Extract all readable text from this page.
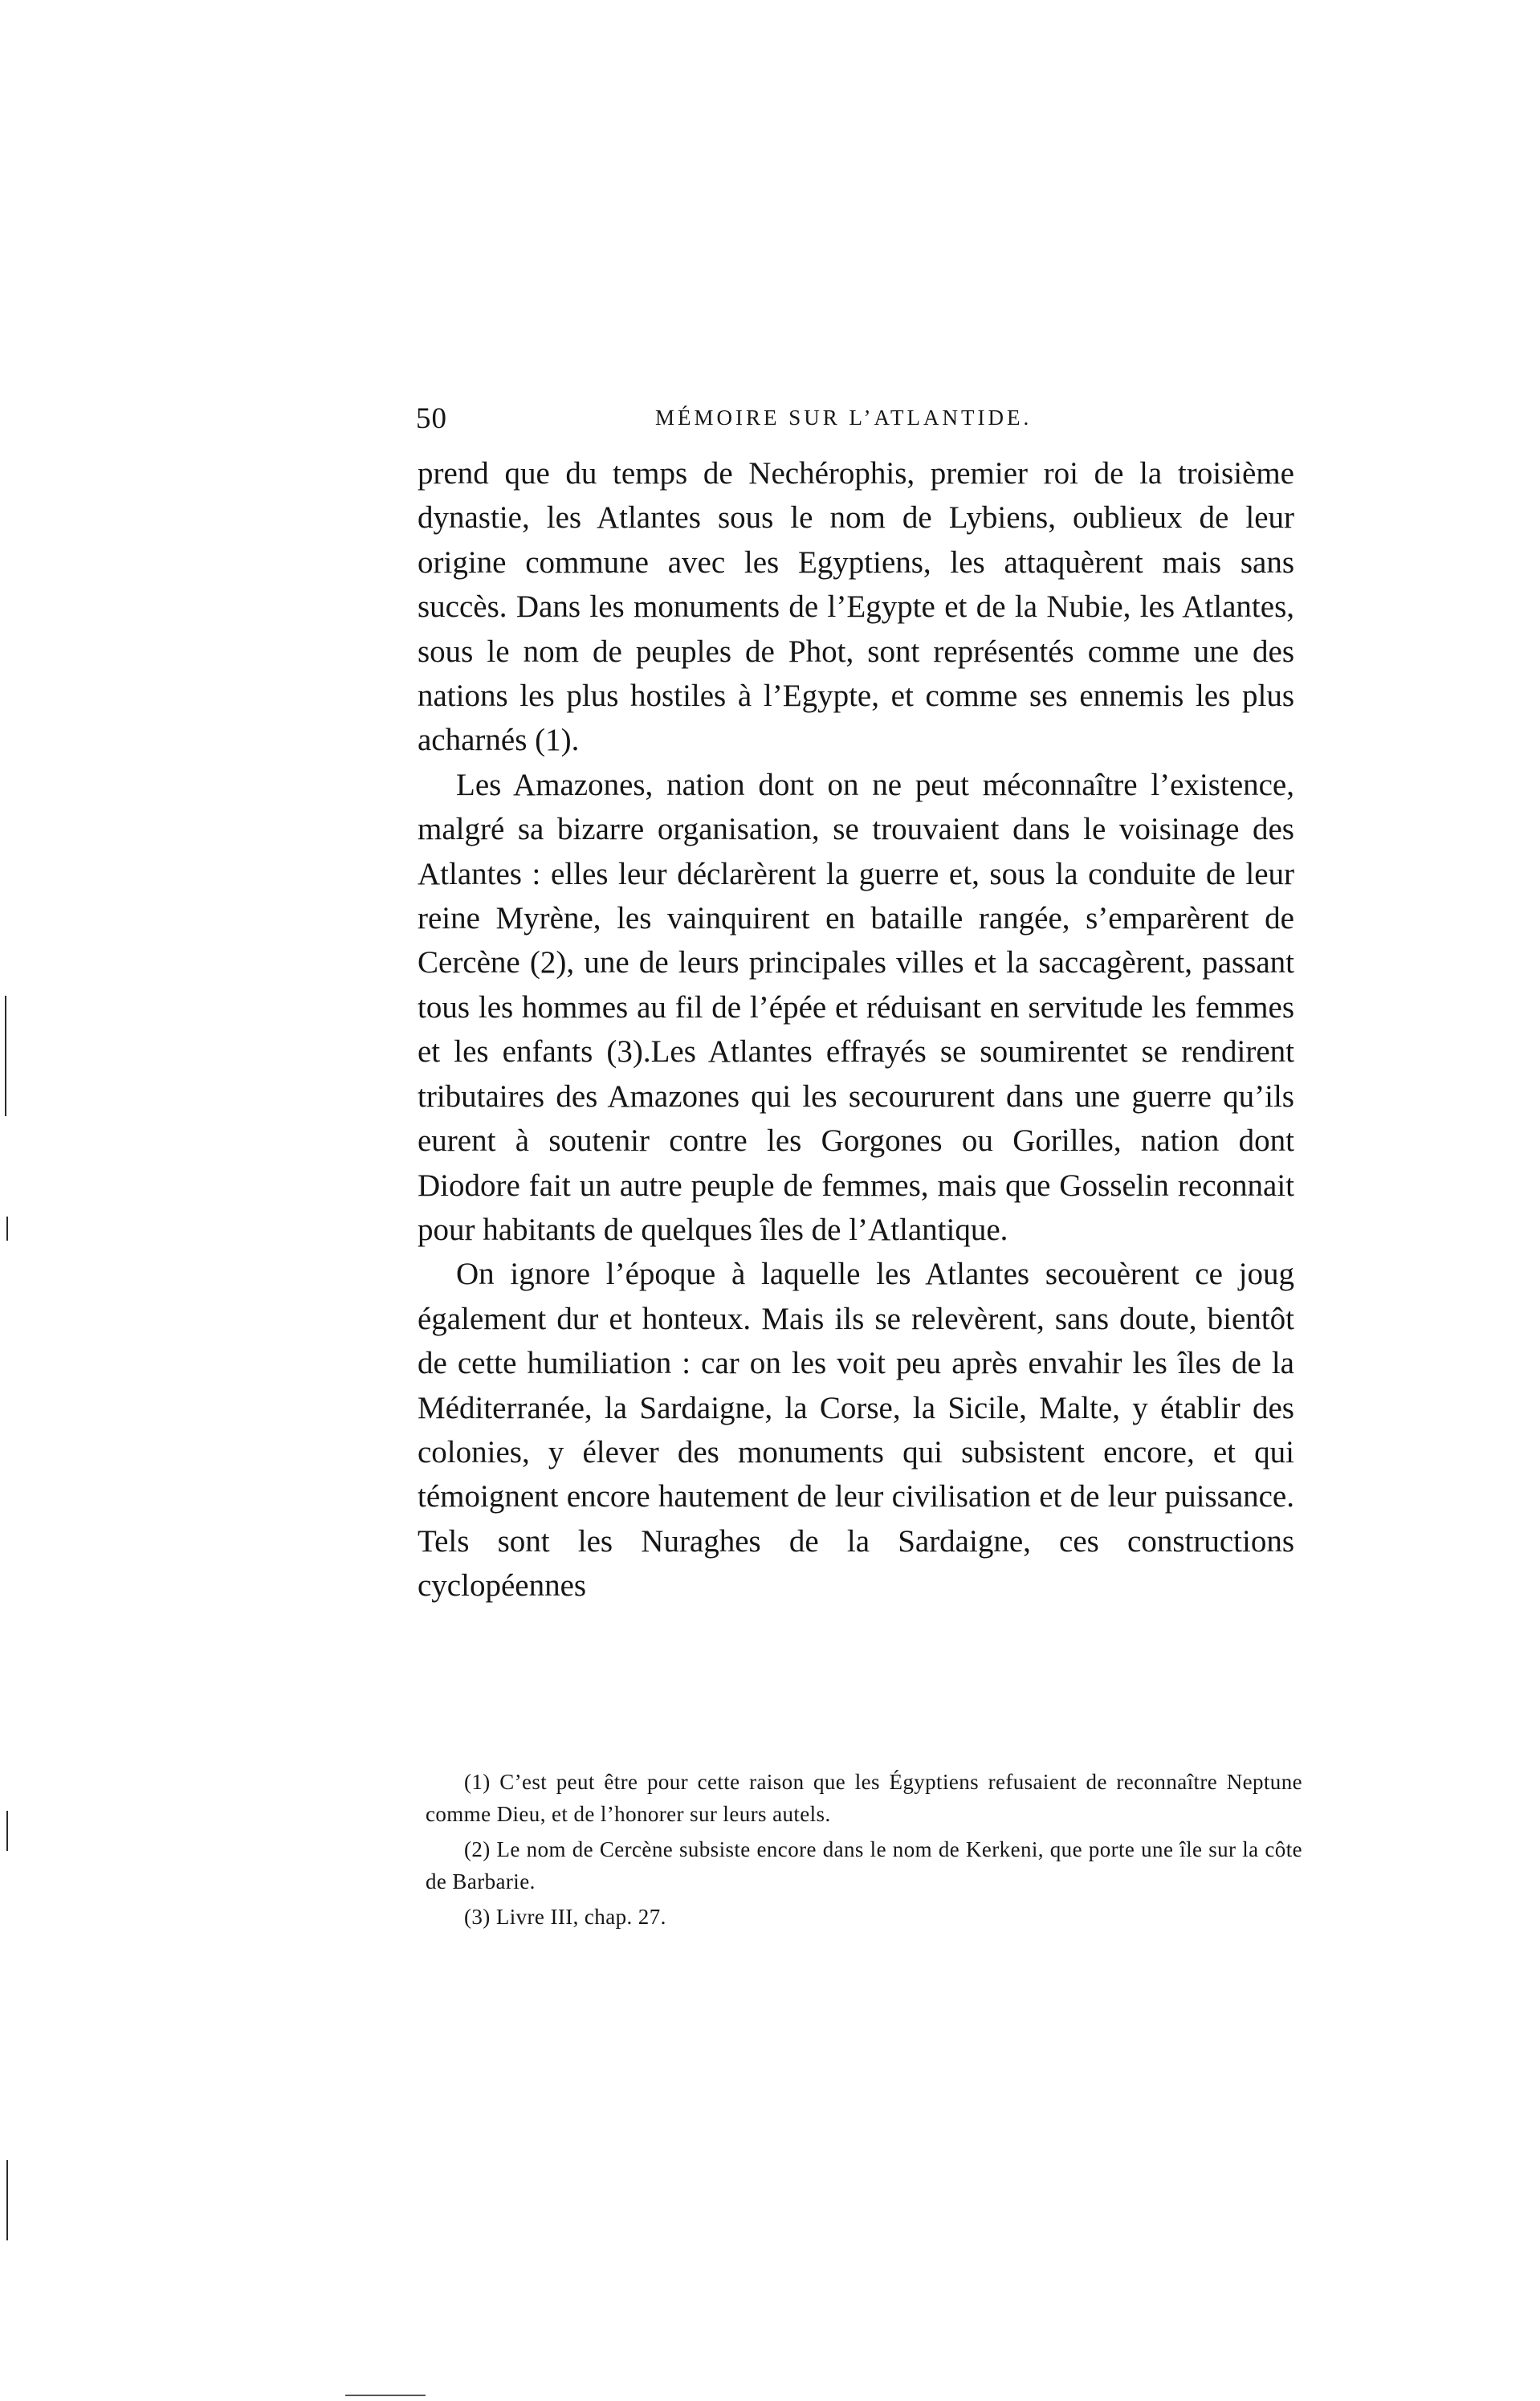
50	MÉMOIRE SUR L’ATLANTIDE.

prend que du temps de Nechérophis, premier roi de la troisième dynastie, les Atlantes sous le nom de Lybiens, oublieux de leur origine commune avec les Egyptiens, les attaquèrent mais sans succès. Dans les monuments de l’Egypte et de la Nubie, les Atlantes, sous le nom de peuples de Phot, sont représentés comme une des nations les plus hostiles à l’Egypte, et comme ses ennemis les plus acharnés (1).

Les Amazones, nation dont on ne peut méconnaître l’existence, malgré sa bizarre organisation, se trouvaient dans le voisinage des Atlantes : elles leur déclarèrent la guerre et, sous la conduite de leur reine Myrène, les vainquirent en bataille rangée, s’emparèrent de Cercène (2), une de leurs principales villes et la saccagèrent, passant tous les hommes au fil de l’épée et réduisant en servitude les femmes et les enfants (3).Les Atlantes effrayés se soumirentet se rendirent tributaires des Amazones qui les secoururent dans une guerre qu’ils eurent à soutenir contre les Gorgones ou Gorilles, nation dont Diodore fait un autre peuple de femmes, mais que Gosselin reconnait pour habitants de quelques îles de l’Atlantique.

On ignore l’époque à laquelle les Atlantes secouèrent ce joug également dur et honteux. Mais ils se relevèrent, sans doute, bientôt de cette humiliation : car on les voit peu après envahir les îles de la Méditerranée, la Sardaigne, la Corse, la Sicile, Malte, y établir des colonies, y élever des monuments qui subsistent encore, et qui témoignent encore hautement de leur civilisation et de leur puissance. Tels sont les Nuraghes de la Sardaigne, ces constructions cyclopéennes

(1) C’est peut être pour cette raison que les Égyptiens refusaient de reconnaître Neptune comme Dieu, et de l’honorer sur leurs autels.

(2) Le nom de Cercène subsiste encore dans le nom de Kerkeni, que porte une île sur la côte de Barbarie.

(3) Livre III, chap. 27.
